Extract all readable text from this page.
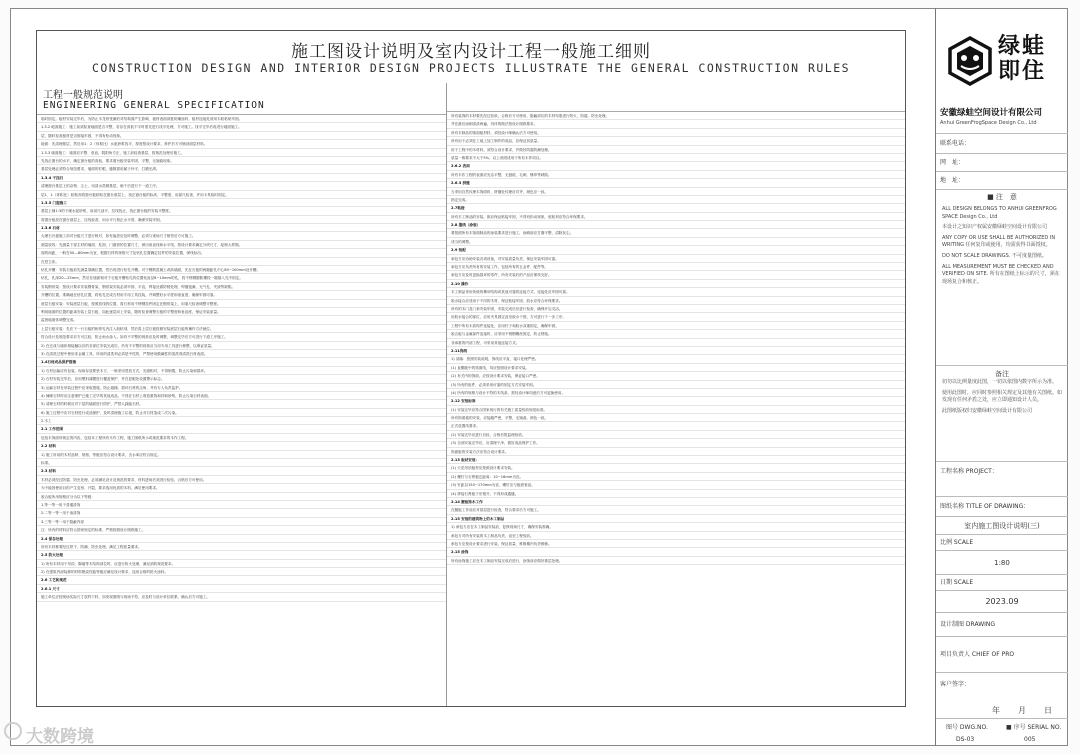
施工图设计说明及室内设计工程一般施工细则
CONSTRUCTION DESIGN AND INTERIOR DESIGN PROJECTS ILLUSTRATE THE GENERAL CONSTRUCTION RULES
工程一般规范说明
ENGINEERING GENERAL SPECIFICATION
临时固定。板材安装完毕后，为防止木龙骨受潮后对结构面产生影响，板材表面须批防潮涂料，板材连接处须用木胶粘贴牢固。
1.3.2 地面施工：施工前须检查地面是否平整，若存在高低不平时需先进行找平处理，方可施工。找平完毕后再进行地面施工。
层，随时检查板材是否固接牢固，不得有松动现象。
地面：先清理基层，然后用1：2（体积比）水泥砂浆找平，厚度按设计要求，养护后方可铺设面层材料。
1.3.3 墙面施工：墙面应平整、垂直，阴阳角方正，施工前检查基层，按规范处理后施工。
先找正窗台的水平，确定窗台板的高低，要求窗台板安装牢固，平整，无翘曲现象。
基层处理必须符合规范要求，墙面的钉眼、缝隙需用腻子补平，打磨光滑。
1.3.4 干挂石
清理窗台基层上的杂物、尘土，用清水洗刷基层，晾干后进行下一道工序。
层1．1（体积比）胶粘剂将窗台板粘贴在窗台基层上，找正窗台板的标高、平整度，用靠尺检查，并用卡具临时固定。
1.3.5 门窗施工
基层上铺1:3的干硬水泥砂浆，用刮尺刮平，拉线找正，找正窗台板的安装平整度。
将窗台板放在窗台基层上，拉线检查，用水平尺校正水平度，确保安装牢固。
1.3.6 石材
大理石台板施工前对台板尺寸进行核对，如有偏差应及时调整，必须与现场尺寸相符后方可施工。
测量放线：先测量下部主材的墙面、柱面、门窗套的位置尺寸，弹出垂直线和水平线，按设计要求确定分块尺寸，绘制大样图。
面的间距，一般在50—80mm为宜，根据石材的规格尺寸及钻孔位置确定挂件的安装位置，弹线标出。
在竖立体。
钻孔开槽：安装石板前先测量准确位置，然后再进行钻孔开槽。对于钢筋混凝土或砖墙面，先在石板的两端距孔中心80~100mm处开槽。
钻孔，孔深20—25mm，然后在墙面相对于石板开槽钻孔的位置钻直径8~10mm的孔，将不锈钢膨胀螺栓一端插入孔中固定。
安装钢骨架：按设计要求安装钢骨架，钢骨架安装必须牢固、平直，焊接处做防锈处理，焊缝饱满，无气孔、夹渣等缺陷。
开槽的位置，准确地在钻孔位置，将钻孔完成石材用专用工具挂装，并调整好水平度和垂直度，确保牢固可靠。
底层石板安装：安装底层石板，按照放线的位置，将石材用不锈钢挂件固定在钢骨架上，用靠尺检查调整平整度。
利用墙面的位置的距离安装上层石板，如此逐层向上安装，随时检查调整石板的平整度和垂直度，保证安装质量。
监督墙面体调整完成。
上层石板安装：先在下一行石板的相邻孔内注入胶粘剂，然后将上层石板按照安装底层石板的操作方法就位。
符合设计及规范要求后方可注胶，防止雨水渗入。如有不平整的现象应及时调整，调整完毕后方可进行下道工序施工。
2) 在完成与墙体相接触以后的各部位安装完成后，仍有不平整的现象应当用专用工具进行修整，以保证质量。
3) 在清洗过程中使用非金属工具，所用的清洗剂必须是中性的，严禁使用酸碱性的清洗剂清洗石材表面。
1.4石材成品保护措施
1) 石材运输应有包装，现场存放要垫木方，一般采用竖放方式，光面相对，不得倒置，防止污染和损坏。
2) 石材安装完毕后，应用塑料薄膜进行覆盖保护，并在显眼处设置警示标志。
3) 运输石材在吊装过程中应采取措施，防止碰撞，损坏石材的边角，并有专人负责监护。
4) 铺砌石材时应注意保护已施工完毕的其他成品，不得在石材上堆放重物和拌和砂浆，防止污染石材表面。
5) 清理石材的时候应对下层的墙面进行防护，严禁人踩踏石材。
6) 施工过程中应对石材进行成品保护，及时清理施工垃圾，防止对石材造成二次污染。
2.木工
2.1 工作范围
包括木饰面所规定的内容，包括本工程所有木作工程，施工图纸所示或规范要求的木作工程。
2.2 材料
1) 施工所用的木材品种、规格、等级应符合设计要求，含水率应符合规定。
标准。
2.3 材料
木材必须经过防腐、防虫处理，必须满足设计及规范的要求，材料进场后须进行检验，合格后方可使用。
为不能因使用目的产生变形、开裂，要求选用优质的木料，满足使用要求。
胶合板所用规格应分为以下等级：
1.等一等一用于普通漆饰
2.二等一等一用于油漆饰
3.三等一等一用于隐蔽内部
注：所有的材料应符合国家规定的标准，严格按照设计图纸施工。
2.4 保存处理
所有木材都要经过烘干，防潮、防虫处理，满足工程质量要求。
2.5 防火处理
1) 所有木材用于吊顶、隔墙等木结构部位时，应进行防火处理，满足消防规范要求。
2) 在建筑内部装修的材料燃烧性能等级应满足设计要求，选用合格的防火涂料。
2.6 工艺和规范
2.6.1 尺寸
施工单位应按现场实际尺寸放样下料，如发现图纸与现场不符，应及时与设计单位联系，确认后方可施工。
所有装饰的木材要先经过验收，合格后方可使用，隐蔽部位的木材均需进行防火、防腐、防虫处理。
并在最后涂刷清漆两遍，具体的做法按设计图纸要求。
所有木制品的饰面板材料，须经设计师确认后方可使用。
所有用于必须在工地上加工制作的成品，应保证其质量。
用于工程中的木材料，须符合设计要求，并做好防腐防潮处理。
质量一般要求不大于5%，以上说明适用于所有木作项目。
2.6.2 表面
所有木作工程的表面应光洁平整，无刨痕、毛刺、锤印等缺陷。
2.6.3 拼缝
当采用自然纹理木饰面时，拼缝处纹理应对齐，颜色应一致。
指定完成。
2.7粘接
所有木工制品的安装，都应保证粘接牢固，不得有松动现象，胶粘剂应符合环保要求。
2.8 墨线（涂装）
要按照所有木饰面制品的涂装要求进行施工，涂刷前应打磨平整，清除灰尘。
适当的调整。
2.9 装配
承包方应协助安装各项设备，对安装质量负责，保证安装牢固可靠。
承包方应负责所有的安装工作，包括所有的五金件、配件等。
承包方应及时更换损坏的零件，所有安装后的产品应保持完好。
2.10 操作
木工制品采用传统的榫卯结构或其他可靠的连接方式，连接处应牢固可靠。
胶水接合应适用于不同的木材，保证粘接牢固，胶水应符合环保要求。
所有的木门及门套安装牢固，安装完成后应进行检查，确保开启灵活。
用胶水接合的部位，应用夹具固定直至胶水干固，方可进行下一步工序。
工程中所有木质构件连接处，应用钉子和胶水双重固定，确保牢固。
胶合板与金属部件连接时，应采用不锈钢螺丝固定，防止锈蚀。
非承重的内部工程，可采用其他连接方式。
2.11饰线
1) 部落：按照安装说明，饰线应平直，接口处理严密。
(1) 直棚板中的饰面线，均应按照设计要求安装。
(2) 有关内的饰面，应按设计要求安装，保证接口严密。
(3) 所有的组件，必须采用可靠的固定方式安装牢固。
(4) 所有的规格与设计不符的木线条，需经设计师同意后方可更换使用。
2.12 安装标准
(1) 安装完毕应符合国家现行的有关施工质量验收规范标准。
所有饰面板的安装，应接缝严密，平整，无翘曲，颜色一致。
正式放置线要求。
(2) 安装完毕应进行自检，合格后报监理验收。
(3) 全部安装完毕后，应清理干净，做好成品保护工作。
饰面板的安装方法应符合设计要求。
2.13 板材安装：
(1) 天花吊顶板材应按照设计要求安装。
(2) 螺钉与石膏板边距离：10~16mm为宜。
(3) 钉距以150~170mm为宜，螺钉应与板面垂直。
(4) 拼接石膏板子应错开，不得形成通缝。
2.14 腰板饰木工作
在腰板工作前应对基层进行检查，符合要求后方可施工。
2.15 安装的建筑物上的木工制品
1) 承包方应在木工制品安装前，复核现场尺寸，确保安装准确。
承包方对所有安装的木工制品负责，直至工程验收。
承包方应按设计要求进行安装，保证质量，维修期内负责维修。
2.15 涂饰
所有涂饰施工应在木工制品安装完成后进行，涂饰前应做好基层处理。
绿蛙即住
安徽绿蛙空间设计有限公司
Anhui GreenFrogSpace Design Co., Ltd
联系电话：
网　址：
地　址：
■ 注　意

ALL DESIGN BELONGS TO ANHUI GREENFROG SPACE Design Co., Ltd

本设计之知识产权属安徽绿蛙空间设计有限公司

ANY COPY OR USE SHALL BE AUTHORIZED IN WRITING 任何复印或使用，均需获得书面授权。

DO NOT SCALE DRAWINGS. 不可度量图纸。

ALL MEASUREMENT MUST BE CHECKED AND VERIFIED ON SITE. 所有在图纸上标示的尺寸，须在现场复合和核正。

备注

切勿以比例量度此图，一切以依图内数字所示为准。

使用此图时，应同时参照相关规定及其他有关图纸。如发现有任何矛盾之处，应立即通知设计人员。

此图纸版权归安徽绿蛙空间设计有限公司

工程名称 PROJECT：
图纸名称 TITLE OF DRAWING：
室内施工图设计说明(三)
比例 SCALE
1:80
日期 SCALE
2023.09
设计制图 DRAWING
项目负责人 CHIEF OF PRO
客户签字：
年 月 日
图号 DWG.NO.	■ 序号 SERIAL NO.
DS-03	005
大数跨境
